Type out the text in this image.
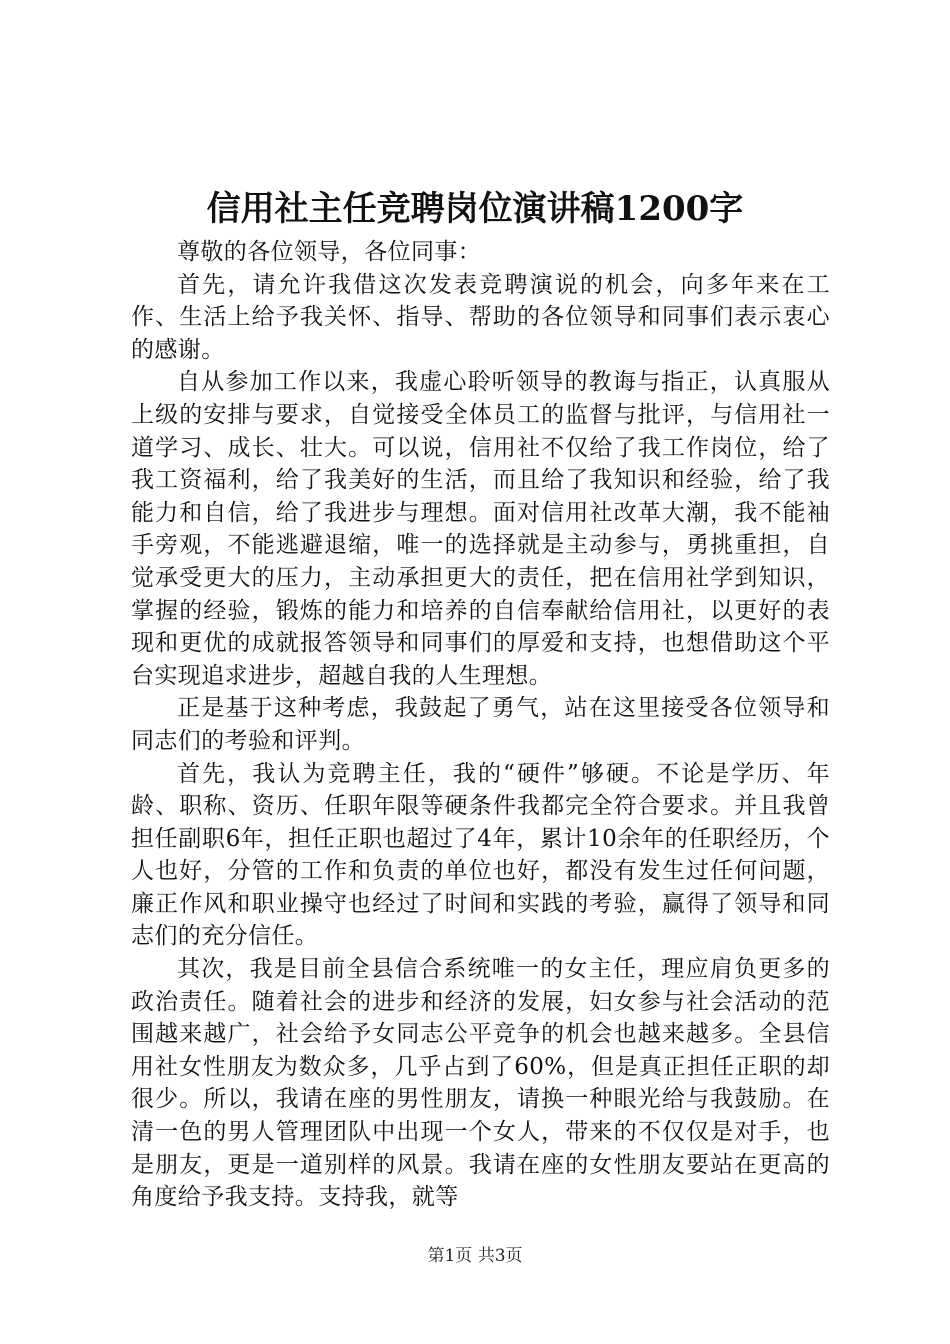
信用社主任竞聘岗位演讲稿1200字

尊敬的各位领导，各位同事：

首先，请允许我借这次发表竞聘演说的机会，向多年来在工作、生活上给予我关怀、指导、帮助的各位领导和同事们表示衷心的感谢。

自从参加工作以来，我虚心聆听领导的教诲与指正，认真服从上级的安排与要求，自觉接受全体员工的监督与批评，与信用社一道学习、成长、壮大。可以说，信用社不仅给了我工作岗位，给了我工资福利，给了我美好的生活，而且给了我知识和经验，给了我能力和自信，给了我进步与理想。面对信用社改革大潮，我不能袖手旁观，不能逃避退缩，唯一的选择就是主动参与，勇挑重担，自觉承受更大的压力，主动承担更大的责任，把在信用社学到知识，掌握的经验，锻炼的能力和培养的自信奉献给信用社，以更好的表现和更优的成就报答领导和同事们的厚爱和支持，也想借助这个平台实现追求进步，超越自我的人生理想。

正是基于这种考虑，我鼓起了勇气，站在这里接受各位领导和同志们的考验和评判。

首先，我认为竞聘主任，我的“硬件”够硬。不论是学历、年龄、职称、资历、任职年限等硬条件我都完全符合要求。并且我曾担任副职6年，担任正职也超过了4年，累计10余年的任职经历，个人也好，分管的工作和负责的单位也好，都没有发生过任何问题，廉正作风和职业操守也经过了时间和实践的考验，赢得了领导和同志们的充分信任。

其次，我是目前全县信合系统唯一的女主任，理应肩负更多的政治责任。随着社会的进步和经济的发展，妇女参与社会活动的范围越来越广，社会给予女同志公平竞争的机会也越来越多。全县信用社女性朋友为数众多，几乎占到了60%，但是真正担任正职的却很少。所以，我请在座的男性朋友，请换一种眼光给与我鼓励。在清一色的男人管理团队中出现一个女人，带来的不仅仅是对手，也是朋友，更是一道别样的风景。我请在座的女性朋友要站在更高的角度给予我支持。支持我，就等

第1页 共3页
